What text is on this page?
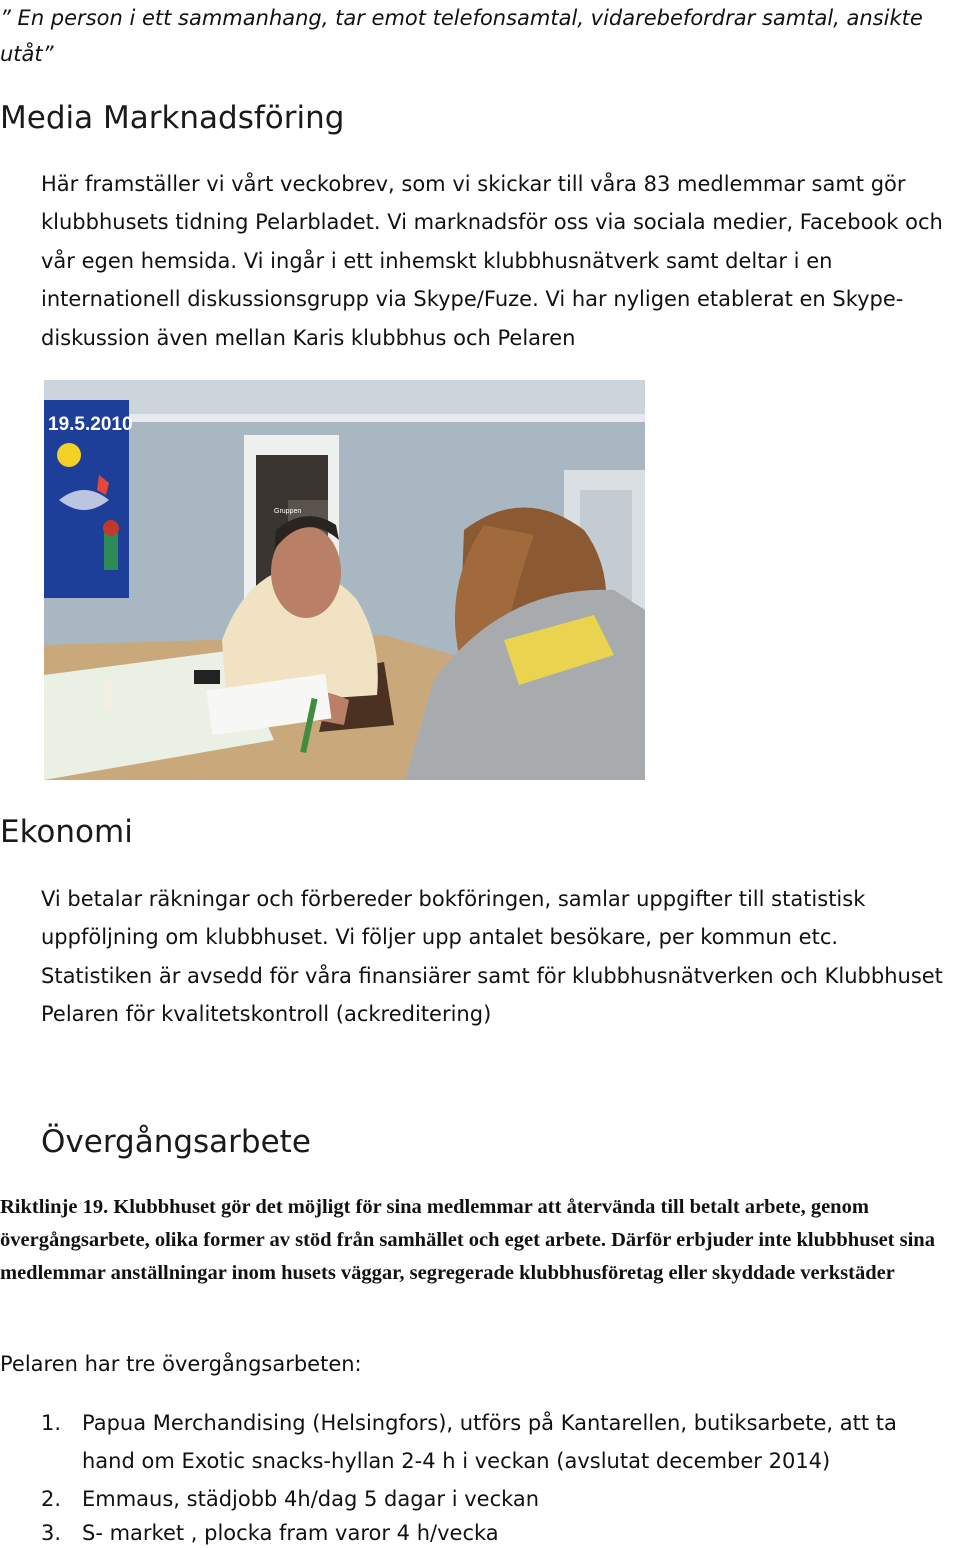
” En person i ett sammanhang, tar emot telefonsamtal, vidarebefordrar samtal, ansikte utåt”
Media Marknadsföring

Här framställer vi vårt veckobrev, som vi skickar till våra 83 medlemmar samt gör klubbhusets tidning Pelarbladet. Vi marknadsför oss via sociala medier, Facebook och vår egen hemsida. Vi ingår i ett inhemskt klubbhusnätverk samt deltar i en internationell diskussionsgrupp via Skype/Fuze. Vi har nyligen etablerat en Skype-diskussion även mellan Karis klubbhus och Pelaren

19.5.2010
Gruppen
Ekonomi

Vi betalar räkningar och förbereder bokföringen, samlar uppgifter till statistisk uppföljning om klubbhuset. Vi följer upp antalet besökare, per kommun etc. Statistiken är avsedd för våra finansiärer samt för klubbhusnätverken och Klubbhuset Pelaren för kvalitetskontroll (ackreditering)

Övergångsarbete

Riktlinje 19. Klubbhuset gör det möjligt för sina medlemmar att återvända till betalt arbete, genom övergångsarbete, olika former av stöd från samhället och eget arbete. Därför erbjuder inte klubbhuset sina medlemmar anställningar inom husets väggar, segregerade klubbhusföretag eller skyddade verkstäder

Pelaren har tre övergångsarbeten:

1. Papua Merchandising (Helsingfors), utförs på Kantarellen, butiksarbete, att ta hand om Exotic snacks-hyllan 2-4 h i veckan (avslutat december 2014)
2. Emmaus, städjobb 4h/dag 5 dagar i veckan
3. S- market , plocka fram varor 4 h/vecka
